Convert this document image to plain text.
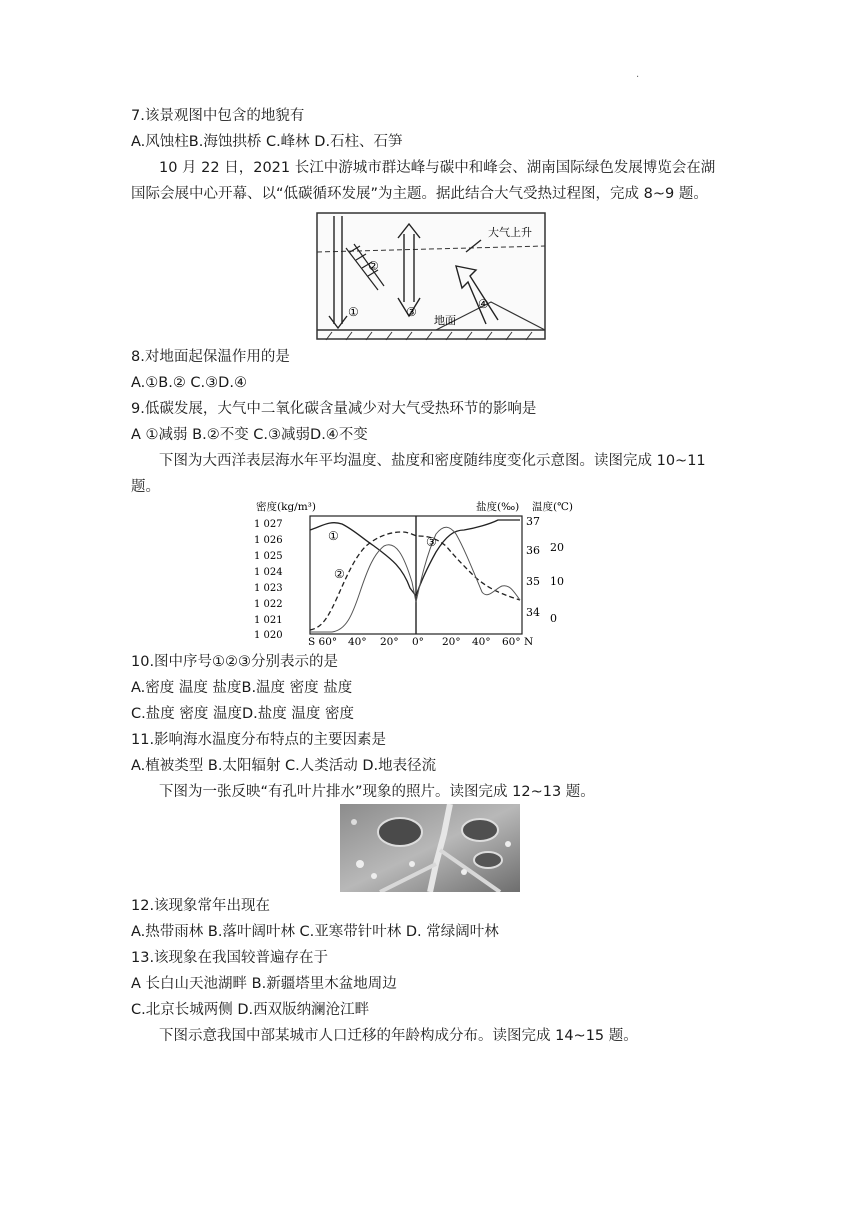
·
7.该景观图中包含的地貌有
A.风蚀柱B.海蚀拱桥 C.峰林 D.石柱、石笋
10 月 22 日，2021 长江中游城市群达峰与碳中和峰会、湖南国际绿色发展博览会在湖
国际会展中心开幕、以“低碳循环发展”为主题。据此结合大气受热过程图，完成 8~9 题。
②
①	③
④
大气上升
地面
8.对地面起保温作用的是
A.①B.② C.③D.④
9.低碳发展，大气中二氧化碳含量减少对大气受热环节的影响是
A ①减弱 B.②不变 C.③减弱D.④不变
下图为大西洋表层海水年平均温度、盐度和密度随纬度变化示意图。读图完成 10~11
题。
密度(kg/m³)	盐度(‰) 温度(℃)
1 027
1 026
1 025
1 024
1 023
1 022
1 021
1 020
37
36
35
34
20
10
0
S 60° 40° 20° 0° 20° 40° 60° N
①
②
③
10.图中序号①②③分别表示的是
A.密度 温度 盐度B.温度 密度 盐度
C.盐度 密度 温度D.盐度 温度 密度
11.影响海水温度分布特点的主要因素是
A.植被类型 B.太阳辐射 C.人类活动 D.地表径流
下图为一张反映“有孔叶片排水”现象的照片。读图完成 12~13 题。
12.该现象常年出现在
A.热带雨林 B.落叶阔叶林 C.亚寒带针叶林 D. 常绿阔叶林
13.该现象在我国较普遍存在于
A 长白山天池湖畔 B.新疆塔里木盆地周边
C.北京长城两侧 D.西双版纳澜沧江畔
下图示意我国中部某城市人口迁移的年龄构成分布。读图完成 14~15 题。
